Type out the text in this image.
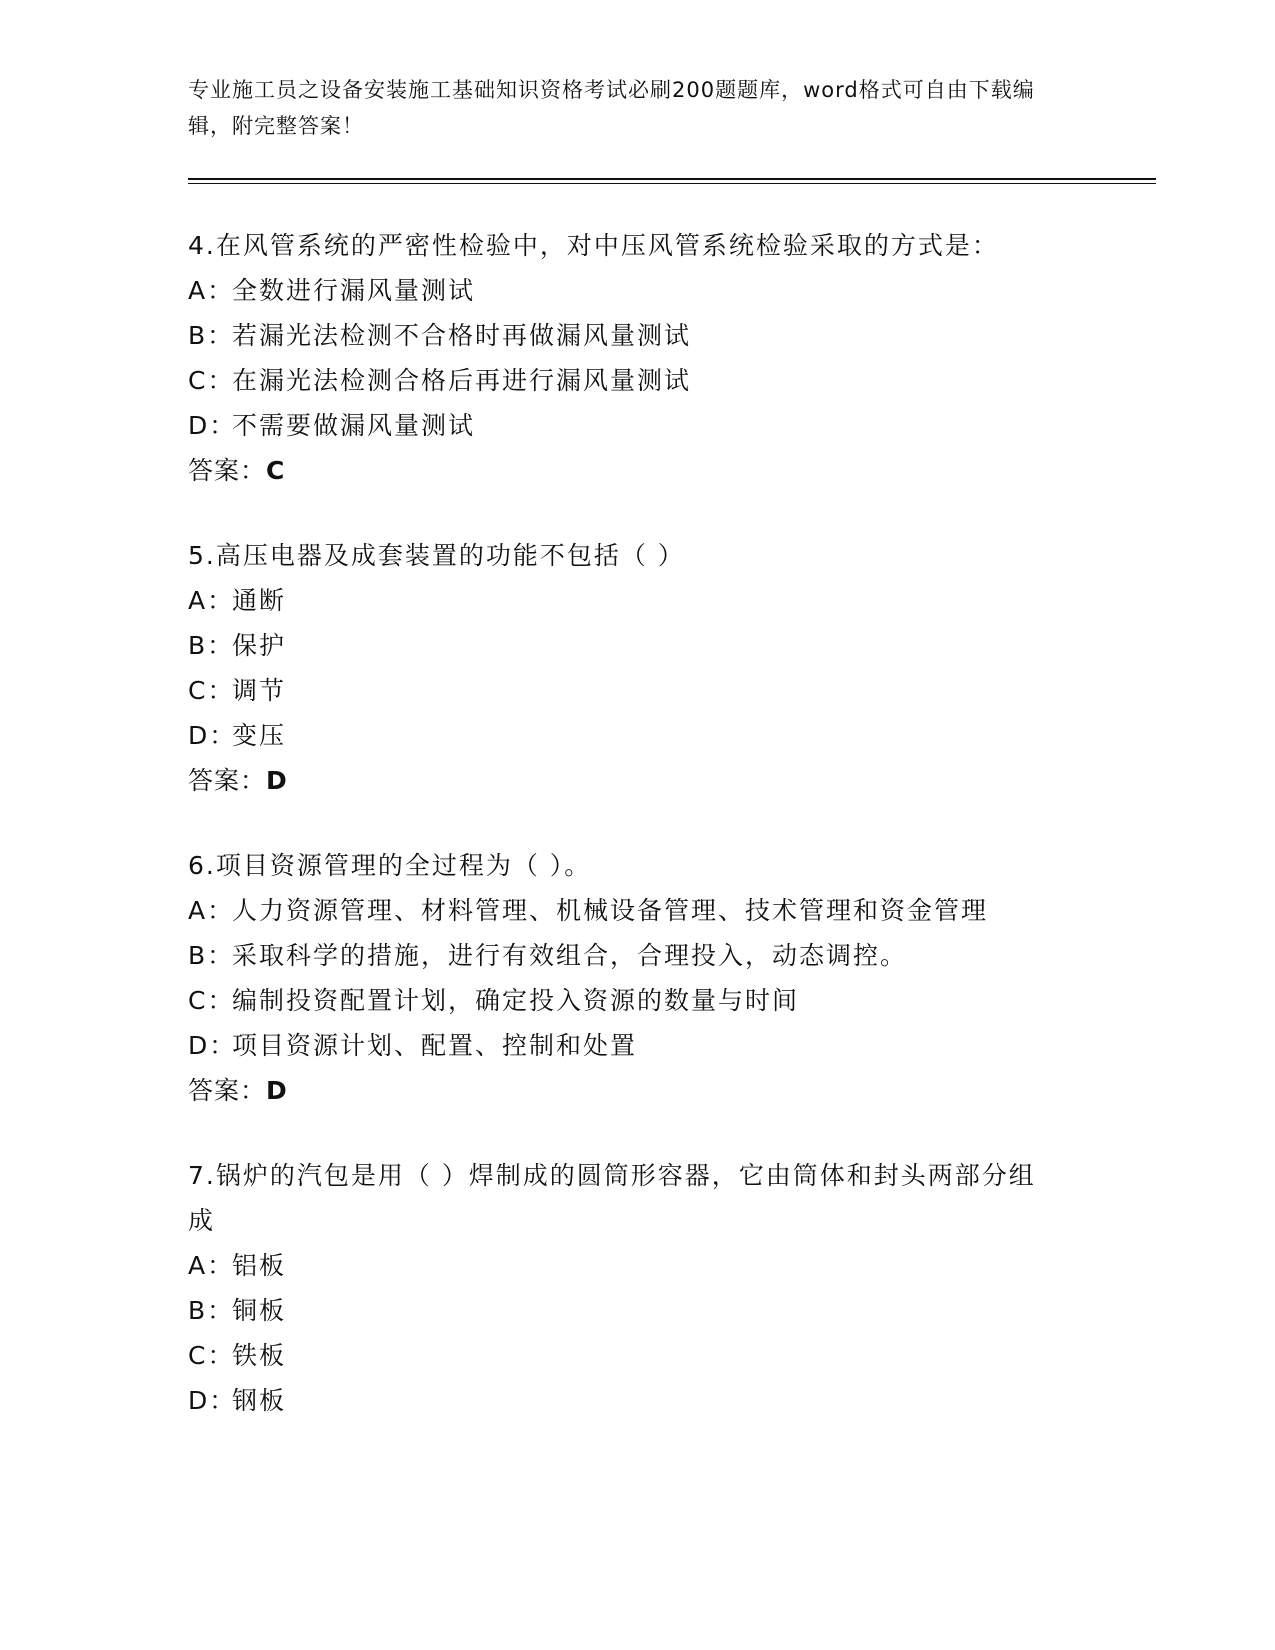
专业施工员之设备安装施工基础知识资格考试必刷200题题库，word格式可自由下载编辑，附完整答案！
4.在风管系统的严密性检验中，对中压风管系统检验采取的方式是：
A：全数进行漏风量测试
B：若漏光法检测不合格时再做漏风量测试
C：在漏光法检测合格后再进行漏风量测试
D：不需要做漏风量测试
答案：C
5.高压电器及成套装置的功能不包括（ ）
A：通断
B：保护
C：调节
D：变压
答案：D
6.项目资源管理的全过程为（ ）。
A：人力资源管理、材料管理、机械设备管理、技术管理和资金管理
B：采取科学的措施，进行有效组合，合理投入，动态调控。
C：编制投资配置计划，确定投入资源的数量与时间
D：项目资源计划、配置、控制和处置
答案：D
7.锅炉的汽包是用（ ）焊制成的圆筒形容器，它由筒体和封头两部分组成
A：铝板
B：铜板
C：铁板
D：钢板
